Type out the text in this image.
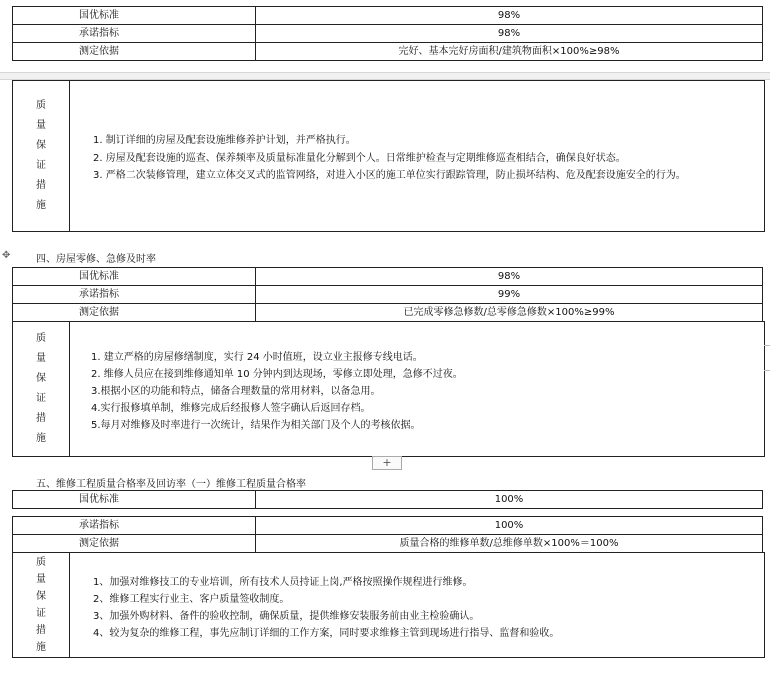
国优标准	98%
承诺指标	98%
测定依据	完好、基本完好房面积/建筑物面积×100%≥98%
质
量
保
证
措
施
1. 制订详细的房屋及配套设施维修养护计划，并严格执行。
2. 房屋及配套设施的巡查、保养频率及质量标准量化分解到个人。日常维护检查与定期维修巡查相结合，确保良好状态。
3. 严格二次装修管理，建立立体交叉式的监管网络，对进入小区的施工单位实行跟踪管理，防止损坏结构、危及配套设施安全的行为。
✥	四、房屋零修、急修及时率
国优标准	98%
承诺指标	99%
测定依据	已完成零修急修数/总零修急修数×100%≥99%
质
量
保
证
措
施
1. 建立严格的房屋修缮制度，实行 24 小时值班，设立业主报修专线电话。
2. 维修人员应在接到维修通知单 10 分钟内到达现场，零修立即处理，急修不过夜。
3.根据小区的功能和特点，储备合理数量的常用材料，以备急用。
4.实行报修填单制，维修完成后经报修人签字确认后返回存档。
5.每月对维修及时率进行一次统计，结果作为相关部门及个人的考核依据。
+
五、维修工程质量合格率及回访率（一）维修工程质量合格率
国优标准	100%
承诺指标	100%
测定依据	质量合格的维修单数/总维修单数×100%＝100%
质
量
保
证
措
施
1、加强对维修技工的专业培训，所有技术人员持证上岗,严格按照操作规程进行维修。
2、维修工程实行业主、客户质量签收制度。
3、加强外购材料、备件的验收控制，确保质量，提供维修安装服务前由业主检验确认。
4、较为复杂的维修工程，事先应制订详细的工作方案，同时要求维修主管到现场进行指导、监督和验收。
